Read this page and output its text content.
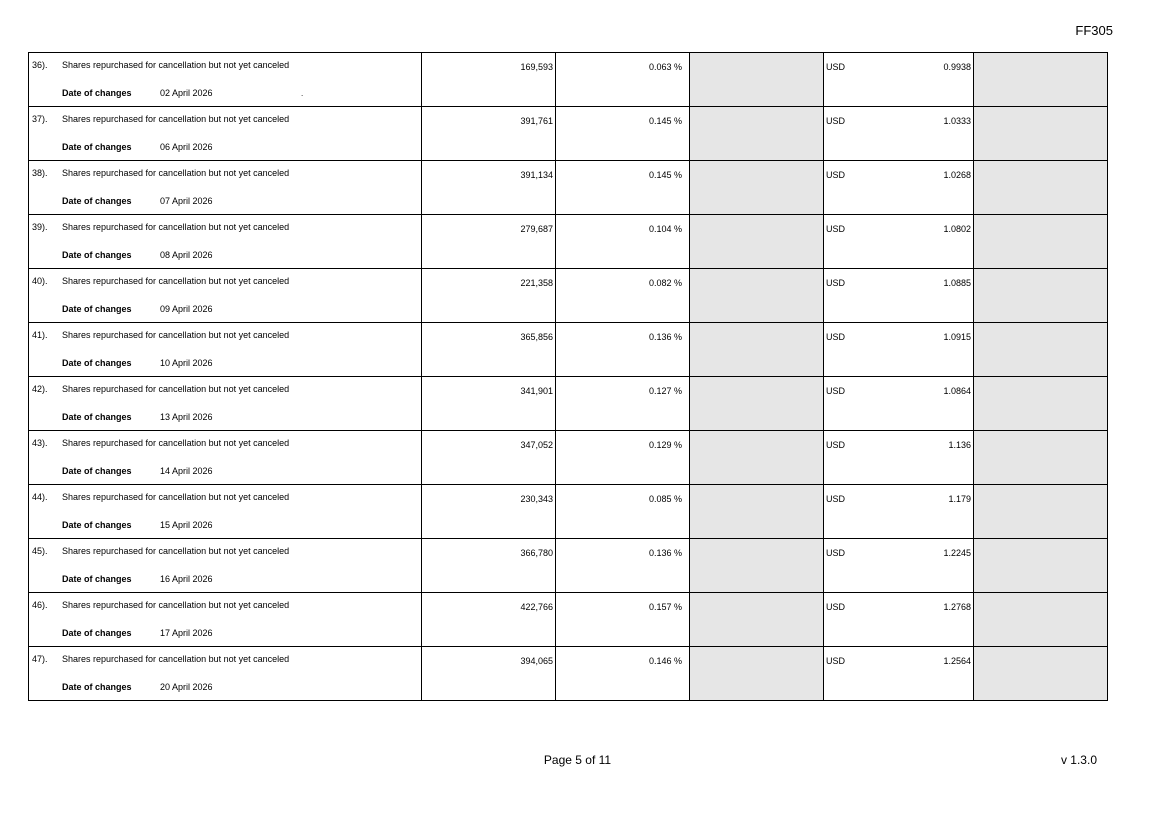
FF305
36). Shares repurchased for cancellation but not yet canceled
Date of changes 02 April 2026 .	169,593	0.063 %		USD 0.9938	

37). Shares repurchased for cancellation but not yet canceled
Date of changes 06 April 2026	391,761	0.145 %		USD 1.0333	

38). Shares repurchased for cancellation but not yet canceled
Date of changes 07 April 2026	391,134	0.145 %		USD 1.0268	

39). Shares repurchased for cancellation but not yet canceled
Date of changes 08 April 2026	279,687	0.104 %		USD 1.0802	

40). Shares repurchased for cancellation but not yet canceled
Date of changes 09 April 2026	221,358	0.082 %		USD 1.0885	

41). Shares repurchased for cancellation but not yet canceled
Date of changes 10 April 2026	365,856	0.136 %		USD 1.0915	

42). Shares repurchased for cancellation but not yet canceled
Date of changes 13 April 2026	341,901	0.127 %		USD 1.0864	

43). Shares repurchased for cancellation but not yet canceled
Date of changes 14 April 2026	347,052	0.129 %		USD 1.136	

44). Shares repurchased for cancellation but not yet canceled
Date of changes 15 April 2026	230,343	0.085 %		USD 1.179	

45). Shares repurchased for cancellation but not yet canceled
Date of changes 16 April 2026	366,780	0.136 %		USD 1.2245	

46). Shares repurchased for cancellation but not yet canceled
Date of changes 17 April 2026	422,766	0.157 %		USD 1.2768	

47). Shares repurchased for cancellation but not yet canceled
Date of changes 20 April 2026	394,065	0.146 %		USD 1.2564	

Page 5 of 11	v 1.3.0
